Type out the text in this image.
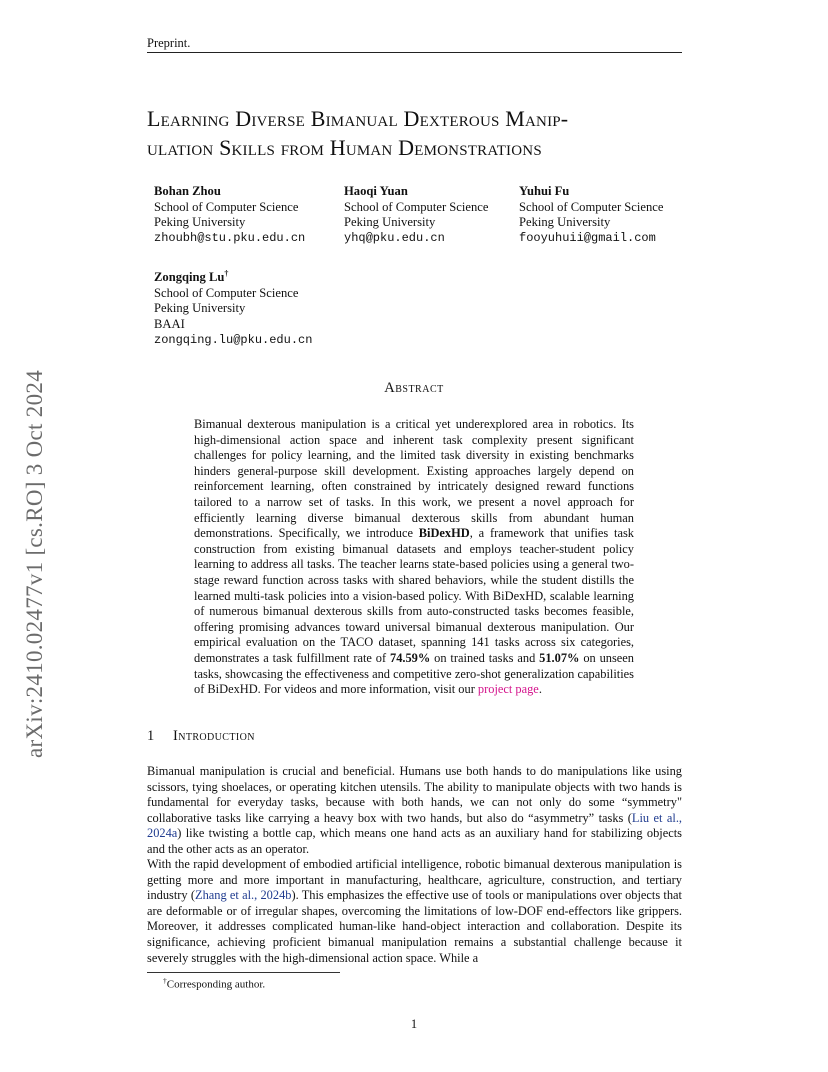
Preprint.
Learning Diverse Bimanual Dexterous Manip-
ulation Skills from Human Demonstrations
Bohan Zhou
School of Computer Science
Peking University
zhoubh@stu.pku.edu.cn
Haoqi Yuan
School of Computer Science
Peking University
yhq@pku.edu.cn
Yuhui Fu
School of Computer Science
Peking University
fooyuhuii@gmail.com
Zongqing Lu†
School of Computer Science
Peking University
BAAI
zongqing.lu@pku.edu.cn
arXiv:2410.02477v1 [cs.RO] 3 Oct 2024	Abstract
Bimanual dexterous manipulation is a critical yet underexplored area in robotics. Its high-dimensional action space and inherent task complexity present significant challenges for policy learning, and the limited task diversity in existing benchmarks hinders general-purpose skill development. Existing approaches largely depend on reinforcement learning, often constrained by intricately designed reward functions tailored to a narrow set of tasks. In this work, we present a novel approach for efficiently learning diverse bimanual dexterous skills from abundant human demonstrations. Specifically, we introduce BiDexHD, a framework that unifies task construction from existing bimanual datasets and employs teacher-student policy learning to address all tasks. The teacher learns state-based policies using a general two-stage reward function across tasks with shared behaviors, while the student distills the learned multi-task policies into a vision-based policy. With BiDexHD, scalable learning of numerous bimanual dexterous skills from auto-constructed tasks becomes feasible, offering promising advances toward universal bimanual dexterous manipulation. Our empirical evaluation on the TACO dataset, spanning 141 tasks across six categories, demonstrates a task fulfillment rate of 74.59% on trained tasks and 51.07% on unseen tasks, showcasing the effectiveness and competitive zero-shot generalization capabilities of BiDexHD. For videos and more information, visit our project page.
1 Introduction
Bimanual manipulation is crucial and beneficial. Humans use both hands to do manipulations like using scissors, tying shoelaces, or operating kitchen utensils. The ability to manipulate objects with two hands is fundamental for everyday tasks, because with both hands, we can not only do some “symmetry" collaborative tasks like carrying a heavy box with two hands, but also do “asymmetry” tasks (Liu et al., 2024a) like twisting a bottle cap, which means one hand acts as an auxiliary hand for stabilizing objects and the other acts as an operator.
With the rapid development of embodied artificial intelligence, robotic bimanual dexterous manipulation is getting more and more important in manufacturing, healthcare, agriculture, construction, and tertiary industry (Zhang et al., 2024b). This emphasizes the effective use of tools or manipulations over objects that are deformable or of irregular shapes, overcoming the limitations of low-DOF end-effectors like grippers. Moreover, it addresses complicated human-like hand-object interaction and collaboration. Despite its significance, achieving proficient bimanual manipulation remains a substantial challenge because it severely struggles with the high-dimensional action space. While a
†Corresponding author.
1
